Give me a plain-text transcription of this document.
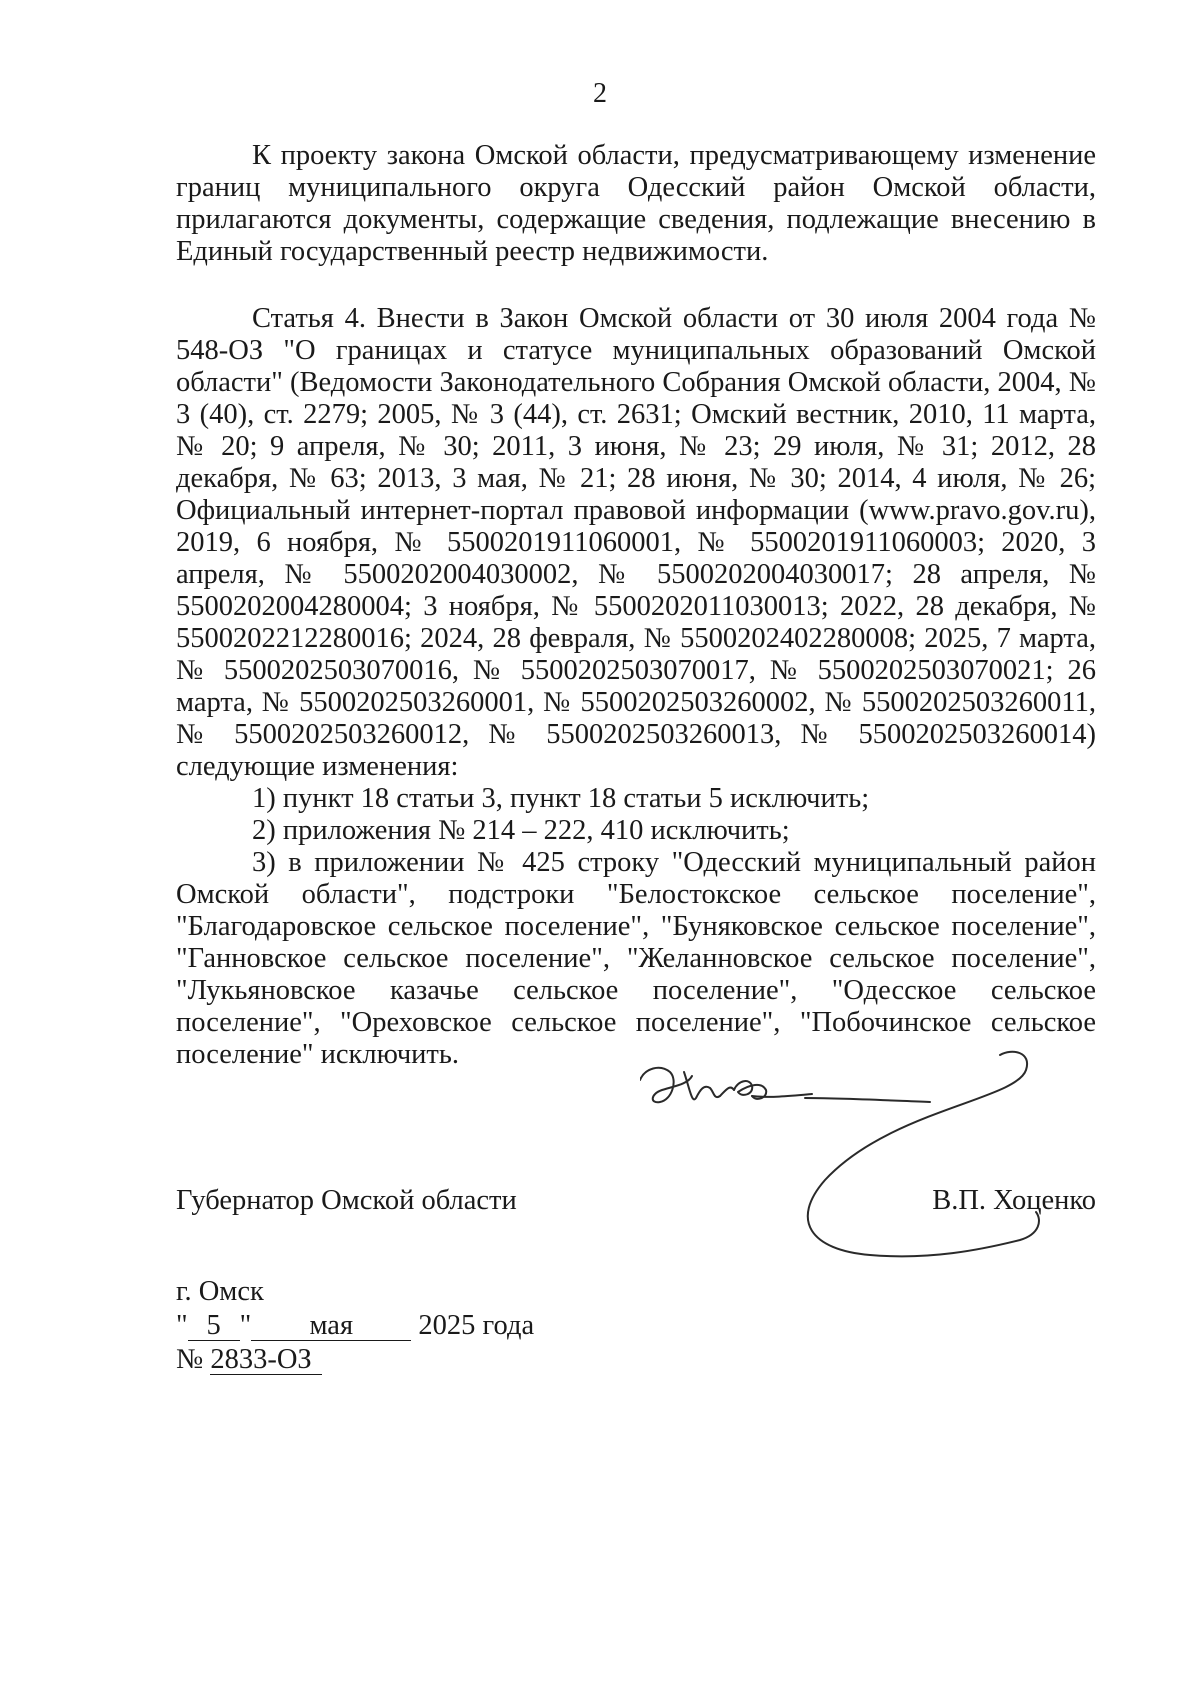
2

К проекту закона Омской области, предусматривающему изменение границ муниципального округа Одесский район Омской области, прилагаются документы, содержащие сведения, подлежащие внесению в Единый государственный реестр недвижимости.

Статья 4. Внести в Закон Омской области от 30 июля 2004 года № 548-ОЗ "О границах и статусе муниципальных образований Омской области" (Ведомости Законодательного Собрания Омской области, 2004, № 3 (40), ст. 2279; 2005, № 3 (44), ст. 2631; Омский вестник, 2010, 11 марта, № 20; 9 апреля, № 30; 2011, 3 июня, № 23; 29 июля, № 31; 2012, 28 декабря, № 63; 2013, 3 мая, № 21; 28 июня, № 30; 2014, 4 июля, № 26; Официальный интернет-портал правовой информации (www.pravo.gov.ru), 2019, 6 ноября, № 5500201911060001, № 5500201911060003; 2020, 3 апреля, № 5500202004030002, № 5500202004030017; 28 апреля, № 5500202004280004; 3 ноября, № 5500202011030013; 2022, 28 декабря, № 5500202212280016; 2024, 28 февраля, № 5500202402280008; 2025, 7 марта, № 5500202503070016, № 5500202503070017, № 5500202503070021; 26 марта, № 5500202503260001, № 5500202503260002, № 5500202503260011, № 5500202503260012, № 5500202503260013, № 5500202503260014) следующие изменения:

1) пункт 18 статьи 3, пункт 18 статьи 5 исключить;

2) приложения № 214 – 222, 410 исключить;

3) в приложении № 425 строку "Одесский муниципальный район Омской области", подстроки "Белостокское сельское поселение", "Благодаровское сельское поселение", "Буняковское сельское поселение", "Ганновское сельское поселение", "Желанновское сельское поселение", "Лукьяновское казачье сельское поселение", "Одесское сельское поселение", "Ореховское сельское поселение", "Побочинское сельское поселение" исключить.

Губернатор Омской области	В.П. Хоценко
г. Омск
" 5 " мая 2025 года
№ 2833-ОЗ
